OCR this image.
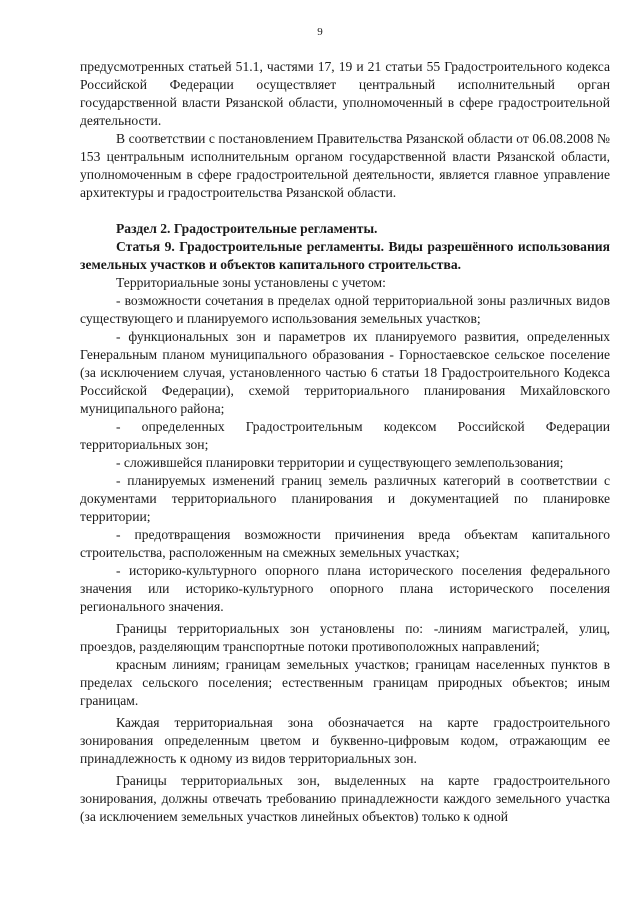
9

предусмотренных статьей 51.1, частями 17, 19 и 21 статьи 55 Градостроительного кодекса Российской Федерации осуществляет центральный исполнительный орган государственной власти Рязанской области, уполномоченный в сфере градостроительной деятельности.

В соответствии с постановлением Правительства Рязанской области от 06.08.2008 № 153 центральным исполнительным органом государственной власти Рязанской области, уполномоченным в сфере градостроительной деятельности, является главное управление архитектуры и градостроительства Рязанской области.

Раздел 2. Градостроительные регламенты.

Статья 9. Градостроительные регламенты. Виды разрешённого использования земельных участков и объектов капитального строительства.

Территориальные зоны установлены с учетом:

- возможности сочетания в пределах одной территориальной зоны различных видов существующего и планируемого использования земельных участков;

- функциональных зон и параметров их планируемого развития, определенных Генеральным планом муниципального образования - Горностаевское сельское поселение (за исключением случая, установленного частью 6 статьи 18 Градостроительного Кодекса Российской Федерации), схемой территориального планирования Михайловского муниципального района;

- определенных Градостроительным кодексом Российской Федерации территориальных зон;

- сложившейся планировки территории и существующего землепользования;

- планируемых изменений границ земель различных категорий в соответствии с документами территориального планирования и документацией по планировке территории;

- предотвращения возможности причинения вреда объектам капитального строительства, расположенным на смежных земельных участках;

- историко-культурного опорного плана исторического поселения федерального значения или историко-культурного опорного плана исторического поселения регионального значения.

Границы территориальных зон установлены по: -линиям магистралей, улиц, проездов, разделяющим транспортные потоки противоположных направлений;

красным линиям; границам земельных участков; границам населенных пунктов в пределах сельского поселения; естественным границам природных объектов; иным границам.

Каждая территориальная зона обозначается на карте градостроительного зонирования определенным цветом и буквенно-цифровым кодом, отражающим ее принадлежность к одному из видов территориальных зон.

Границы территориальных зон, выделенных на карте градостроительного зонирования, должны отвечать требованию принадлежности каждого земельного участка (за исключением земельных участков линейных объектов) только к одной
